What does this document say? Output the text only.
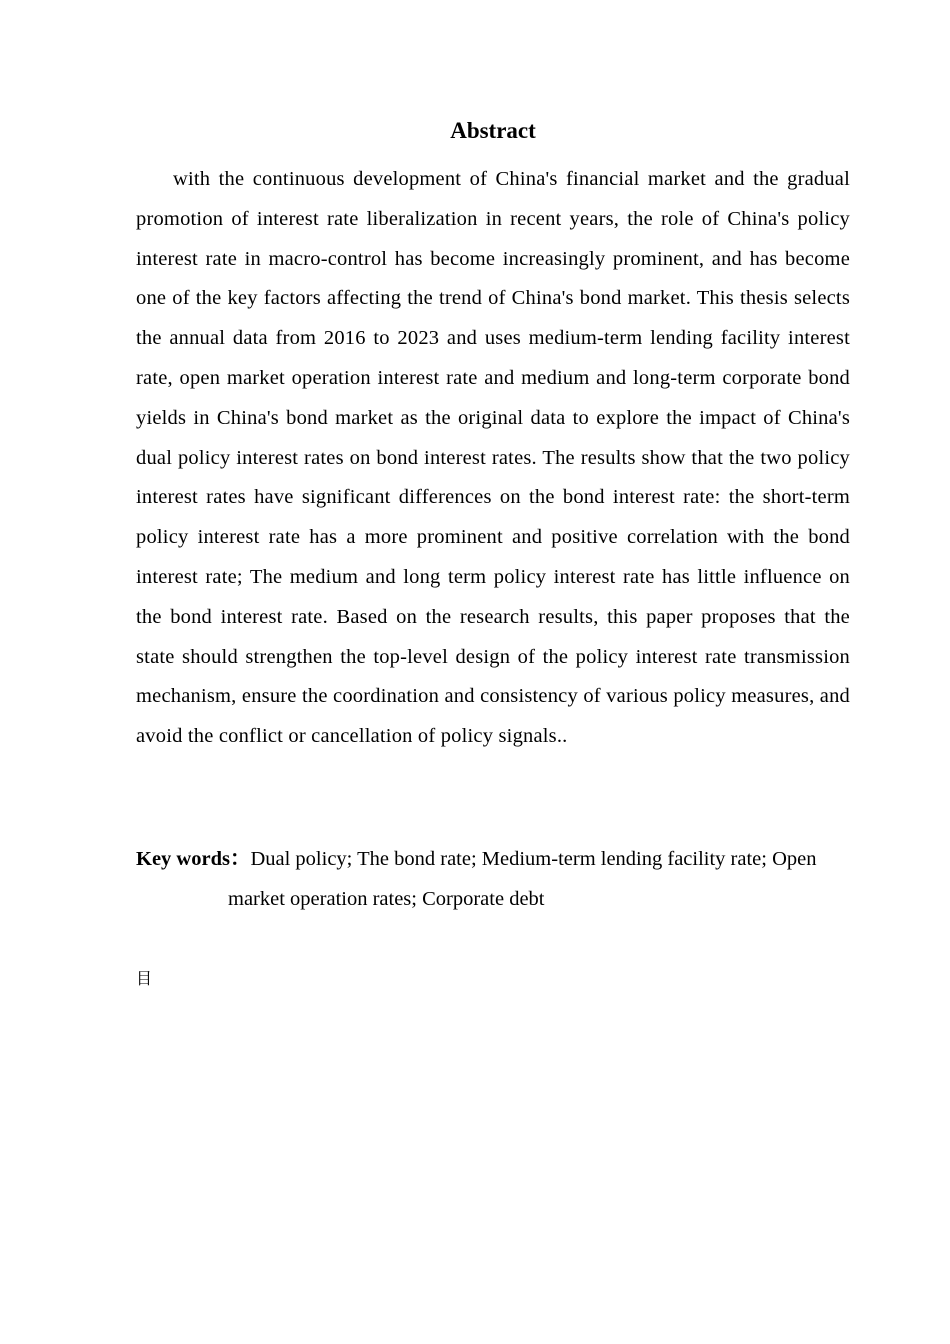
Abstract

with the continuous development of China's financial market and the gradual promotion of interest rate liberalization in recent years, the role of China's policy interest rate in macro-control has become increasingly prominent, and has become one of the key factors affecting the trend of China's bond market. This thesis selects the annual data from 2016 to 2023 and uses medium-term lending facility interest rate, open market operation interest rate and medium and long-term corporate bond yields in China's bond market as the original data to explore the impact of China's dual policy interest rates on bond interest rates. The results show that the two policy interest rates have significant differences on the bond interest rate: the short-term policy interest rate has a more prominent and positive correlation with the bond interest rate; The medium and long term policy interest rate has little influence on the bond interest rate. Based on the research results, this paper proposes that the state should strengthen the top-level design of the policy interest rate transmission mechanism, ensure the coordination and consistency of various policy measures, and avoid the conflict or cancellation of policy signals..

Key words：Dual policy; The bond rate; Medium-term lending facility rate; Open market operation rates; Corporate debt

目
